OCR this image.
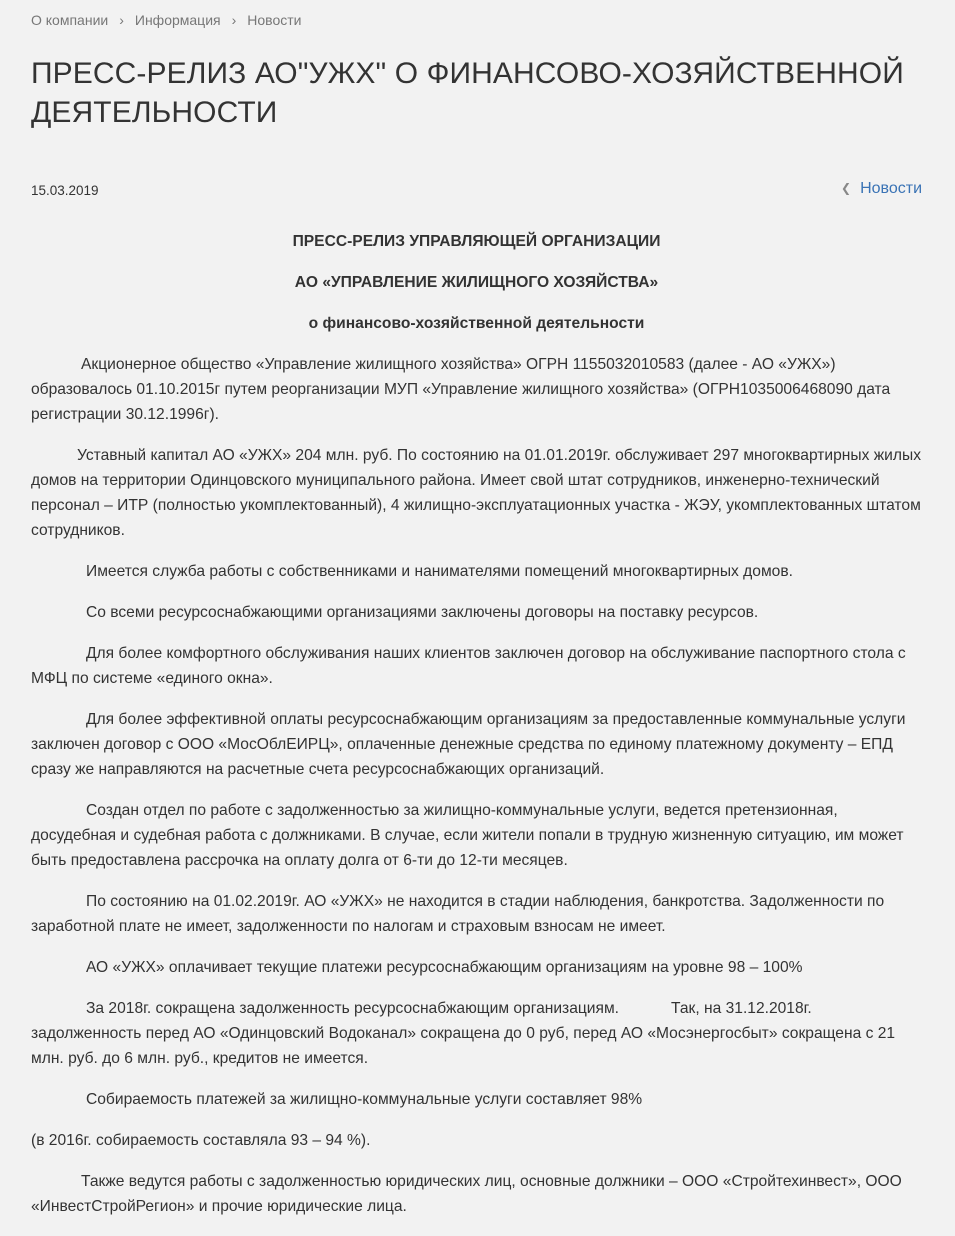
О компании › Информация › Новости
ПРЕСС-РЕЛИЗ АО"УЖХ" О ФИНАНСОВО-ХОЗЯЙСТВЕННОЙ ДЕЯТЕЛЬНОСТИ
15.03.2019	❮ Новости

ПРЕСС-РЕЛИЗ УПРАВЛЯЮЩЕЙ ОРГАНИЗАЦИИ

АО «УПРАВЛЕНИЕ ЖИЛИЩНОГО ХОЗЯЙСТВА»

о финансово-хозяйственной деятельности

Акционерное общество «Управление жилищного хозяйства» ОГРН 1155032010583 (далее - АО «УЖХ») образовалось 01.10.2015г путем реорганизации МУП «Управление жилищного хозяйства» (ОГРН1035006468090 дата регистрации 30.12.1996г).

Уставный капитал АО «УЖХ» 204 млн. руб. По состоянию на 01.01.2019г. обслуживает 297 многоквартирных жилых домов на территории Одинцовского муниципального района. Имеет свой штат сотрудников, инженерно-технический персонал – ИТР (полностью укомплектованный), 4 жилищно-эксплуатационных участка - ЖЭУ, укомплектованных штатом сотрудников.

Имеется служба работы с собственниками и нанимателями помещений многоквартирных домов.

Со всеми ресурсоснабжающими организациями заключены договоры на поставку ресурсов.

Для более комфортного обслуживания наших клиентов заключен договор на обслуживание паспортного стола с МФЦ по системе «единого окна».

Для более эффективной оплаты ресурсоснабжающим организациям за предоставленные коммунальные услуги заключен договор с ООО «МосОблЕИРЦ», оплаченные денежные средства по единому платежному документу – ЕПД сразу же направляются на расчетные счета ресурсоснабжающих организаций.

Создан отдел по работе с задолженностью за жилищно-коммунальные услуги, ведется претензионная, досудебная и судебная работа с должниками. В случае, если жители попали в трудную жизненную ситуацию, им может быть предоставлена рассрочка на оплату долга от 6-ти до 12-ти месяцев.

По состоянию на 01.02.2019г. АО «УЖХ» не находится в стадии наблюдения, банкротства. Задолженности по заработной плате не имеет, задолженности по налогам и страховым взносам не имеет.

АО «УЖХ» оплачивает текущие платежи ресурсоснабжающим организациям на уровне 98 – 100%

За 2018г. сокращена задолженность ресурсоснабжающим организациям.            Так, на 31.12.2018г. задолженность перед АО «Одинцовский Водоканал» сокращена до 0 руб, перед АО «Мосэнергосбыт» сокращена с 21 млн. руб. до 6 млн. руб., кредитов не имеется.

Собираемость платежей за жилищно-коммунальные услуги составляет 98%

(в 2016г. собираемость составляла 93 – 94 %).

Также ведутся работы с задолженностью юридических лиц, основные должники – ООО «Стройтехинвест», ООО «ИнвестСтройРегион» и прочие юридические лица.
